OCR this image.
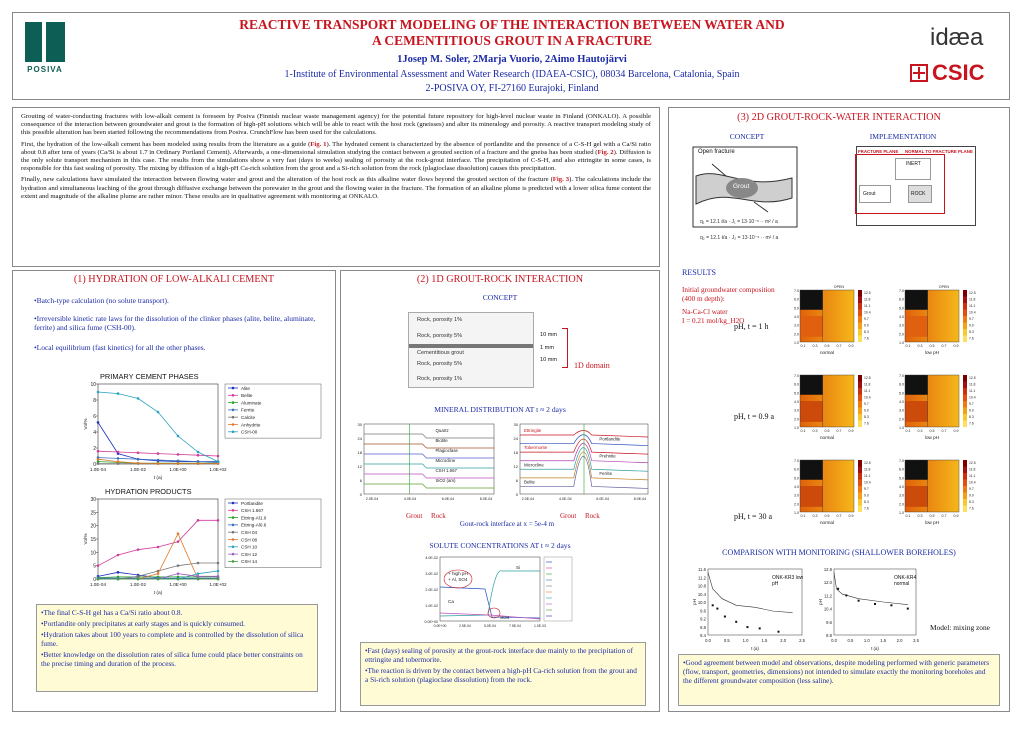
POSIVA
REACTIVE TRANSPORT MODELING OF THE INTERACTION BETWEEN WATER AND
A CEMENTITIOUS GROUT IN A FRACTURE
1Josep M. Soler, 2Marja Vuorio, 2Aimo Hautojärvi
1-Institute of Environmental Assessment and Water Research (IDAEA-CSIC), 08034 Barcelona, Catalonia, Spain
2-POSIVA OY, FI-27160 Eurajoki, Finland
idæa
CSIC

Grouting of water-conducting fractures with low-alkali cement is foreseen by Posiva (Finnish nuclear waste management agency) for the potential future repository for high-level nuclear waste in Finland (ONKALO). A possible consequence of the interaction between groundwater and grout is the formation of high-pH solutions which will be able to react with the host rock (gneisses) and alter its mineralogy and porosity. A reactive transport modeling study of this possible alteration has been started following the recommendations from Posiva. CrunchFlow has been used for the calculations.

First, the hydration of the low-alkali cement has been modeled using results from the literature as a guide (Fig. 1). The hydrated cement is characterized by the absence of portlandite and the presence of a C-S-H gel with a Ca/Si ratio about 0.8 after tens of years (Ca/Si is about 1.7 in Ordinary Portland Cement). Afterwards, a one-dimensional simulation studying the contact between a grouted section of a fracture and the gneiss has been studied (Fig. 2). Diffusion is the only solute transport mechanism in this case. The results from the simulations show a very fast (days to weeks) sealing of porosity at the rock-grout interface. The precipitation of C-S-H, and also ettringite in some cases, is responsible for this fast sealing of porosity. The mixing by diffusion of a high-pH Ca-rich solution from the grout and a Si-rich solution from the rock (plagioclase dissolution) causes this precipitation.

Finally, new calculations have simulated the interaction between flowing water and grout and the alteration of the host rock as this alkaline water flows beyond the grouted section of the fracture (Fig. 3). The calculations include the hydration and simultaneous leaching of the grout through diffusive exchange between the porewater in the grout and the flowing water in the fracture. The formation of an alkaline plume is predicted with a lower silica fume content the extent and magnitude of the alkaline plume are rather minor. These results are in qualitative agreement with monitoring at ONKALO.

(1) HYDRATION OF LOW-ALKALI CEMENT
•Batch-type calculation (no solute transport).
•Irreversible kinetic rate laws for the dissolution of the clinker phases (alite, belite, aluminate, ferrite) and silica fume (CSH-00).
•Local equilibrium (fast kinetics) for all the other phases.
PRIMARY CEMENT PHASES
0
2
4
6
8
10
1.0E-04	1.0E-02	1.0E+00	1.0E+02
t (a)
Vol%
Alite
Belite
Aluminate
Ferrite
Calcite
Anhydrite
CSH-00
HYDRATION PRODUCTS
0
5
10
15
20
25
30
1.0E-04	1.0E-02	1.0E+00	1.0E+02
t (a)
Vol%
Portlandite
CSH 1.667
Ettring-Al1.0
Ettring-Al0.6
CSH 04
CSH 08
CSH 10
CSH 12
CSH 14
•The final C-S-H gel has a Ca/Si ratio about 0.8.
•Portlandite only precipitates at early stages and is quickly consumed.
•Hydration takes about 100 years to complete and is controlled by the dissolution of silica fume.
•Better knowledge on the dissolution rates of silica fume could place better constraints on the precise timing and duration of the process.
(2) 1D GROUT-ROCK INTERACTION
CONCEPT
Rock, porosity 1%
Rock, porosity 5%
Cementitious grout
Rock, porosity 5%
Rock, porosity 1%
10 mm
1 mm
10 mm
1D domain
MINERAL DISTRIBUTION AT t ≈ 2 days
30
24
18
12
6
0
2.0E-04	4.0E-04	6.0E-04	8.0E-04
Quartz
Biotite
Plagioclase
Microcline
CSH 1.667
SiO2 (am)
30
24
18
12
6
0
2.0E-04	4.0E-04	6.0E-04	8.0E-04
Ettringite
Portlandite
Tobermorite
Prehnite
Microcline
Ferrite
Belite
Grout Rock	Grout Rock
Gout-rock interface at x = 5e-4 m
SOLUTE CONCENTRATIONS AT t ≈ 2 days
4.0E-02
3.0E-02
2.0E-02
1.0E-02
0.0E+00
0.0E+00	2.5E-04	5.0E-04	7.5E-04	1.0E-03
+ high pH
+ Al, SO4
Si
Ca
SO4
•Fast (days) sealing of porosity at the grout-rock interface due mainly to the precipitation of ettringite and tobermorite.
•The reaction is driven by the contact between a high-pH Ca-rich solution from the grout and a Si-rich solution (plagioclase dissolution) from the rock.
(3) 2D GROUT-ROCK-WATER INTERACTION
CONCEPT	IMPLEMENTATION
Open fracture
Grout
FRACTURE PLANE NORMAL TO FRACTURE PLANE
INERT
Grout	ROCK
q₁ = 12.1 ℓ/a · J₁ = 13·10⁻⁵ ·· m² / a
q₂ = 12.1 ℓ/a · J₂ = 13·10⁻⁵ ·· m² / a
RESULTS
Initial groundwater composition (400 m depth):
Na-Ca-Cl water
I = 0.21 mol/kg_H2O
pH, t = 1 h
pH, t = 0.9 a
pH, t = 30 a
7.0
6.0
5.0
4.0
3.0
2.0
1.0
0.1 0.3 0.5 0.7 0.9
normal
12.5
11.8
11.1
10.4
9.7
9.0
8.3
7.6
OPEN
7.0
6.0
5.0
4.0
3.0
2.0
1.0
0.1 0.3 0.5 0.7 0.9
low pH
12.5
11.8
11.1
10.4
9.7
9.0
8.3
7.6
OPEN
7.0
6.0
5.0
4.0
3.0
2.0
1.0
0.1 0.3 0.5 0.7 0.9
normal
12.5
11.8
11.1
10.4
9.7
9.0
8.3
7.6
7.0
6.0
5.0
4.0
3.0
2.0
1.0
0.1 0.3 0.5 0.7 0.9
low pH
12.5
11.8
11.1
10.4
9.7
9.0
8.3
7.6
7.0
6.0
5.0
4.0
3.0
2.0
1.0
0.1 0.3 0.5 0.7 0.9
normal
12.5
11.8
11.1
10.4
9.7
9.0
8.3
7.6
7.0
6.0
5.0
4.0
3.0
2.0
1.0
0.1 0.3 0.5 0.7 0.9
low pH
12.5
11.8
11.1
10.4
9.7
9.0
8.3
7.6
COMPARISON WITH MONITORING (SHALLOWER BOREHOLES)
11.6
11.2
10.8
10.4
10.0
9.6
9.2
8.8
8.4
0.0	0.5	1.0	1.5	2.0	2.5
t (a)
pH
12.8
12.0
11.2
10.4
9.6
8.8
0.0	0.5	1.0	1.5	2.0	2.5
t (a)
pH
ONK-KR3 low pH
ONK-KR4 normal
Model: mixing zone
•Good agreement between model and observations, despite modeling performed with generic parameters (flow, transport, geometries, dimensions) not intended to simulate exactly the monitoring boreholes and the different groundwater composition (less saline).
